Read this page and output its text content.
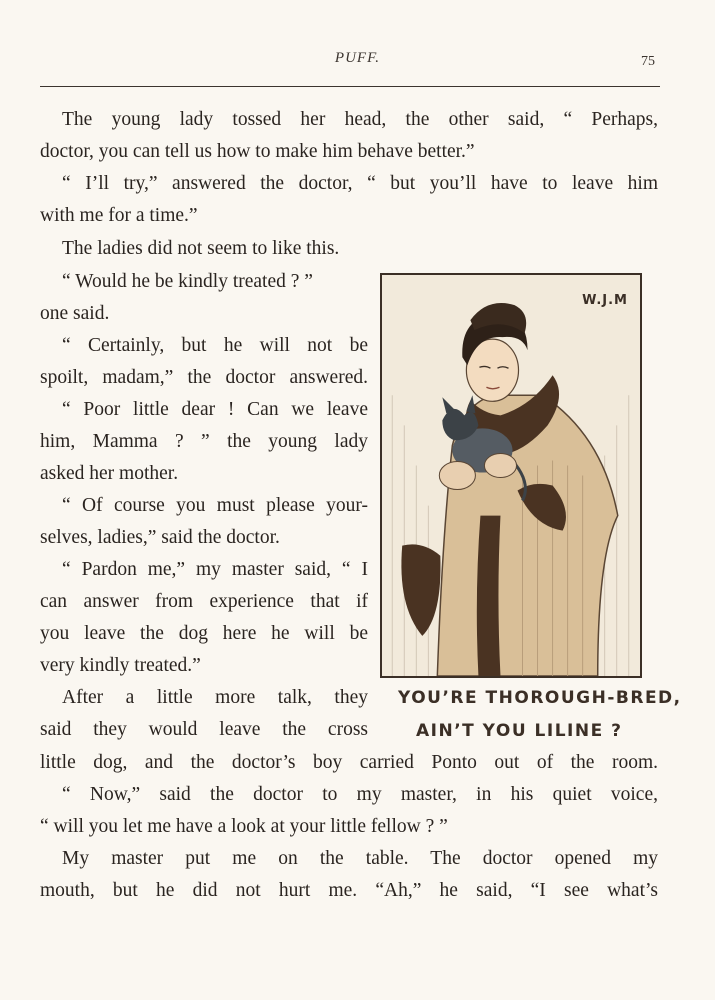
PUFF.	75
The young lady tossed her head, the other said, “ Perhaps,
doctor, you can tell us how to make him behave better.”
“ I’ll try,” answered the doctor, “ but you’ll have to leave him
with me for a time.”
The ladies did not seem to like this.
“ Would he be kindly treated ? ”
one said.
“ Certainly, but he will not be
spoilt, madam,” the doctor answered.
“ Poor little dear ! Can we leave
him, Mamma ? ” the young lady
asked her mother.
“ Of course you must please your-
selves, ladies,” said the doctor.
“ Pardon me,” my master said, “ I
can answer from experience that if
you leave the dog here he will be
very kindly treated.”
After a little more talk, they
said they would leave the cross
little dog, and the doctor’s boy carried Ponto out of the room.
“ Now,” said the doctor to my master, in his quiet voice,
“ will you let me have a look at your little fellow ? ”
My master put me on the table. The doctor opened my
mouth, but he did not hurt me. “Ah,” he said, “I see what’s
W.J.M
YOU’RE THOROUGH-BRED,
AIN’T YOU LILINE ?
